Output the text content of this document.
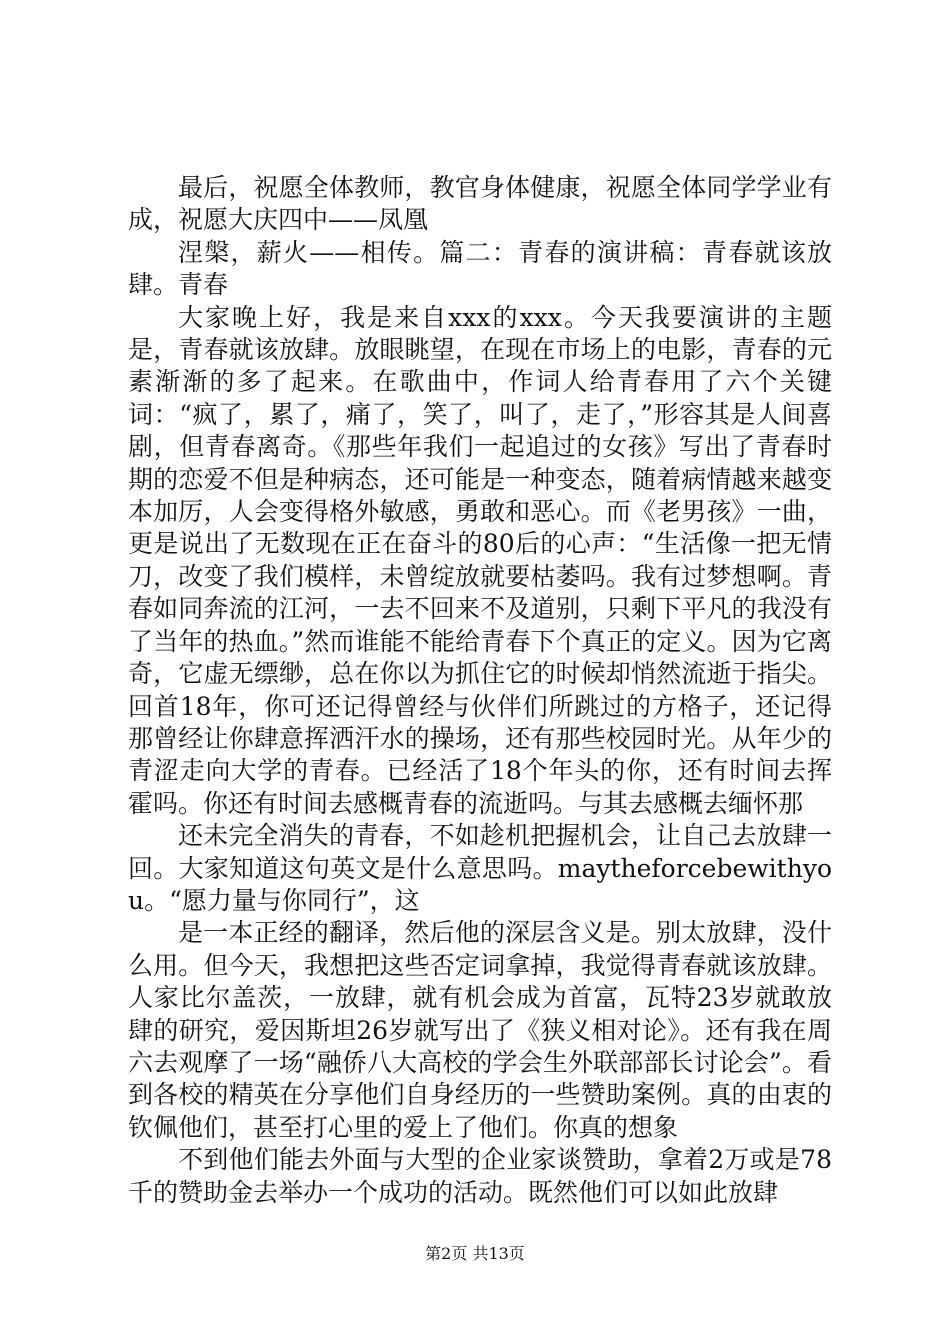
最后，祝愿全体教师，教官身体健康，祝愿全体同学学业有成，祝愿大庆四中——凤凰

涅槃，薪火——相传。篇二：青春的演讲稿：青春就该放肆。青春

大家晚上好，我是来自xxx的xxx。今天我要演讲的主题是，青春就该放肆。放眼眺望，在现在市场上的电影，青春的元素渐渐的多了起来。在歌曲中，作词人给青春用了六个关键词：“疯了，累了，痛了，笑了，叫了，走了，”形容其是人间喜剧，但青春离奇。《那些年我们一起追过的女孩》写出了青春时期的恋爱不但是种病态，还可能是一种变态，随着病情越来越变本加厉，人会变得格外敏感，勇敢和恶心。而《老男孩》一曲，更是说出了无数现在正在奋斗的80后的心声：“生活像一把无情刀，改变了我们模样，未曾绽放就要枯萎吗。我有过梦想啊。青春如同奔流的江河，一去不回来不及道别，只剩下平凡的我没有了当年的热血。”然而谁能不能给青春下个真正的定义。因为它离奇，它虚无缥缈，总在你以为抓住它的时候却悄然流逝于指尖。回首18年，你可还记得曾经与伙伴们所跳过的方格子，还记得那曾经让你肆意挥洒汗水的操场，还有那些校园时光。从年少的青涩走向大学的青春。已经活了18个年头的你，还有时间去挥霍吗。你还有时间去感概青春的流逝吗。与其去感概去缅怀那

还未完全消失的青春，不如趁机把握机会，让自己去放肆一回。大家知道这句英文是什么意思吗。maytheforcebewithyou。“愿力量与你同行”，这

是一本正经的翻译，然后他的深层含义是。别太放肆，没什么用。但今天，我想把这些否定词拿掉，我觉得青春就该放肆。人家比尔盖茨，一放肆，就有机会成为首富，瓦特23岁就敢放肆的研究，爱因斯坦26岁就写出了《狭义相对论》。还有我在周六去观摩了一场“融侨八大高校的学会生外联部部长讨论会”。看到各校的精英在分享他们自身经历的一些赞助案例。真的由衷的钦佩他们，甚至打心里的爱上了他们。你真的想象

不到他们能去外面与大型的企业家谈赞助，拿着2万或是78千的赞助金去举办一个成功的活动。既然他们可以如此放肆

第2页 共13页
